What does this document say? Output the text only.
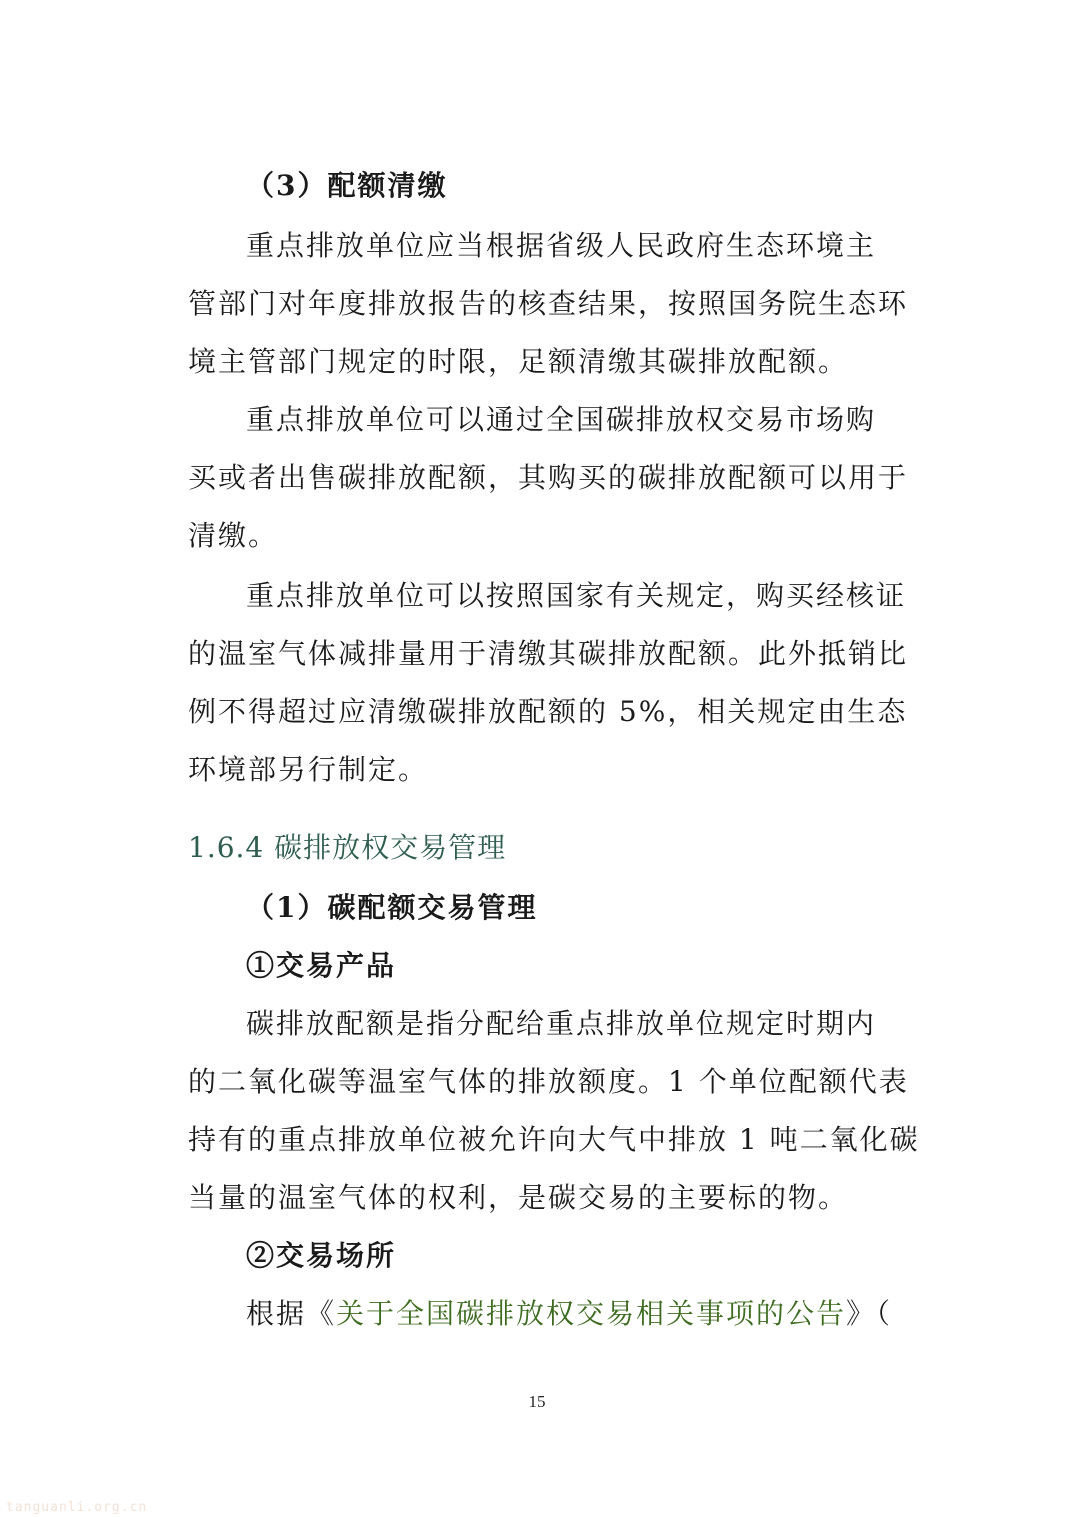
（3）配额清缴
重点排放单位应当根据省级人民政府生态环境主
管部门对年度排放报告的核查结果，按照国务院生态环
境主管部门规定的时限，足额清缴其碳排放配额。
重点排放单位可以通过全国碳排放权交易市场购
买或者出售碳排放配额，其购买的碳排放配额可以用于
清缴。
重点排放单位可以按照国家有关规定，购买经核证
的温室气体减排量用于清缴其碳排放配额。此外抵销比
例不得超过应清缴碳排放配额的 5%，相关规定由生态
环境部另行制定。
1.6.4 碳排放权交易管理
（1）碳配额交易管理
①交易产品
碳排放配额是指分配给重点排放单位规定时期内
的二氧化碳等温室气体的排放额度。1 个单位配额代表
持有的重点排放单位被允许向大气中排放 1 吨二氧化碳
当量的温室气体的权利，是碳交易的主要标的物。
②交易场所
根据《关于全国碳排放权交易相关事项的公告》（
15
tanguanli.org.cn
